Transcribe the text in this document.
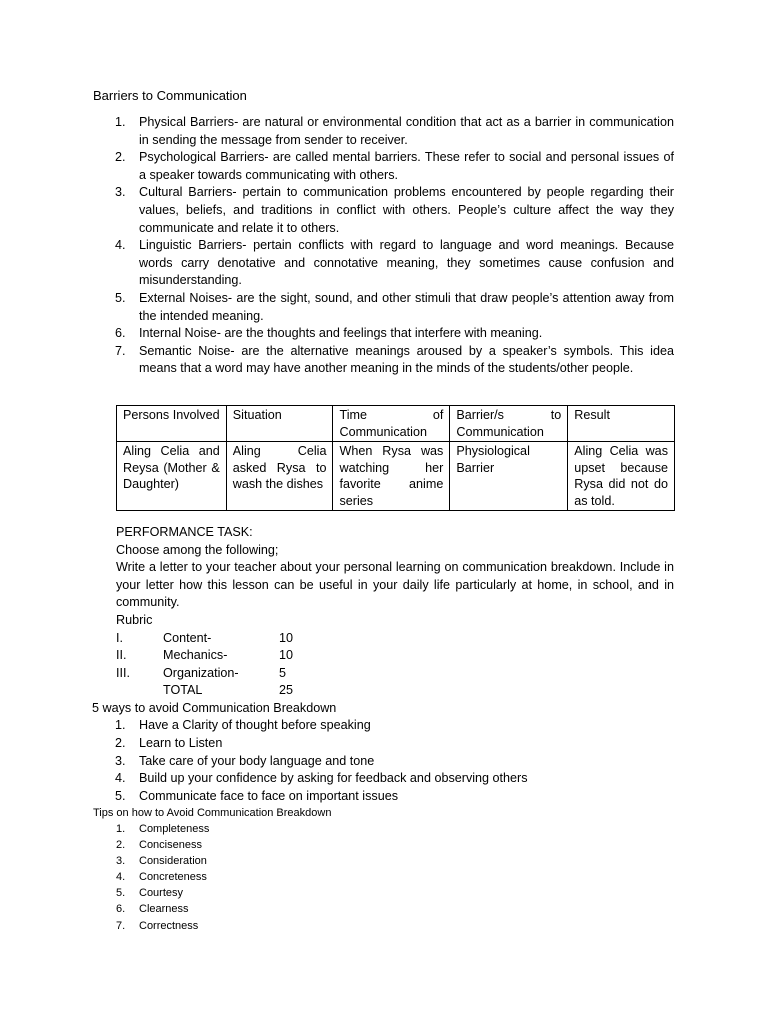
Barriers to Communication
1. Physical Barriers- are natural or environmental condition that act as a barrier in communication in sending the message from sender to receiver.
2. Psychological Barriers- are called mental barriers. These refer to social and personal issues of a speaker towards communicating with others.
3. Cultural Barriers- pertain to communication problems encountered by people regarding their values, beliefs, and traditions in conflict with others. People’s culture affect the way they communicate and relate it to others.
4. Linguistic Barriers- pertain conflicts with regard to language and word meanings. Because words carry denotative and connotative meaning, they sometimes cause confusion and misunderstanding.
5. External Noises- are the sight, sound, and other stimuli that draw people’s attention away from the intended meaning.
6. Internal Noise- are the thoughts and feelings that interfere with meaning.
7. Semantic Noise- are the alternative meanings aroused by a speaker’s symbols. This idea means that a word may have another meaning in the minds of the students/other people.
Persons Involved	Situation	Time of Communication	Barrier/s to Communication	Result
Aling Celia and Reysa (Mother & Daughter)	Aling Celia asked Rysa to wash the dishes	When Rysa was watching her favorite anime series	Physiological Barrier	Aling Celia was upset because Rysa did not do as told.

PERFORMANCE TASK:

Choose among the following;

Write a letter to your teacher about your personal learning on communication breakdown. Include in your letter how this lesson can be useful in your daily life particularly at home, in school, and in community.

Rubric

I.	Content-	10
II.	Mechanics-	10
III.	Organization-	5
TOTAL	25
5 ways to avoid Communication Breakdown
1. Have a Clarity of thought before speaking
2. Learn to Listen
3. Take care of your body language and tone
4. Build up your confidence by asking for feedback and observing others
5. Communicate face to face on important issues
Tips on how to Avoid Communication Breakdown
1. Completeness
2. Conciseness
3. Consideration
4. Concreteness
5. Courtesy
6. Clearness
7. Correctness
